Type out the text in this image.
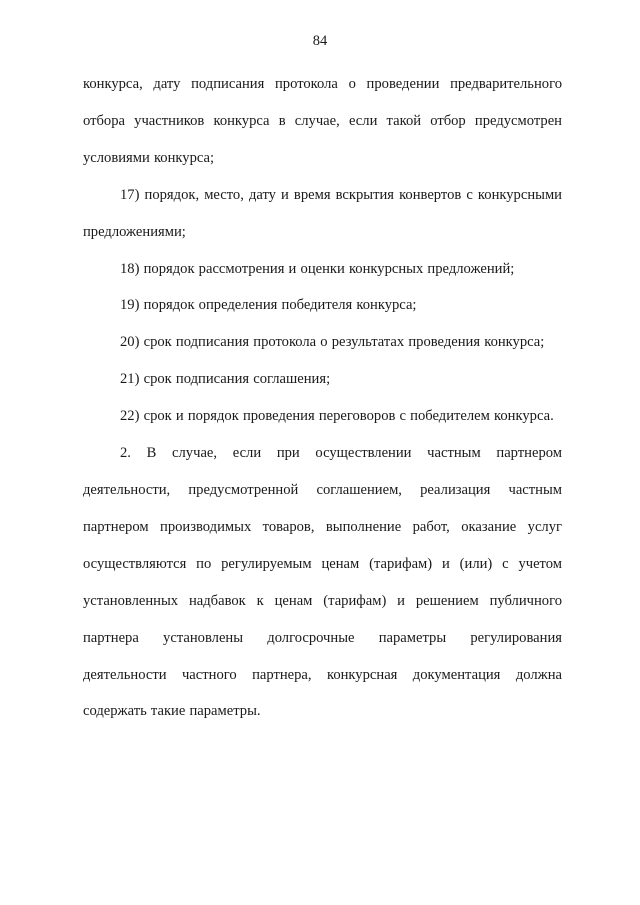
84

конкурса, дату подписания протокола о проведении предварительного отбора участников конкурса в случае, если такой отбор предусмотрен условиями конкурса;

17) порядок, место, дату и время вскрытия конвертов с конкурсными предложениями;

18) порядок рассмотрения и оценки конкурсных предложений;

19) порядок определения победителя конкурса;

20) срок подписания протокола о результатах проведения конкурса;

21) срок подписания соглашения;

22) срок и порядок проведения переговоров с победителем конкурса.

2. В случае, если при осуществлении частным партнером деятельности, предусмотренной соглашением, реализация частным партнером производимых товаров, выполнение работ, оказание услуг осуществляются по регулируемым ценам (тарифам) и (или) с учетом установленных надбавок к ценам (тарифам) и решением публичного партнера установлены долгосрочные параметры регулирования деятельности частного партнера, конкурсная документация должна содержать такие параметры.
